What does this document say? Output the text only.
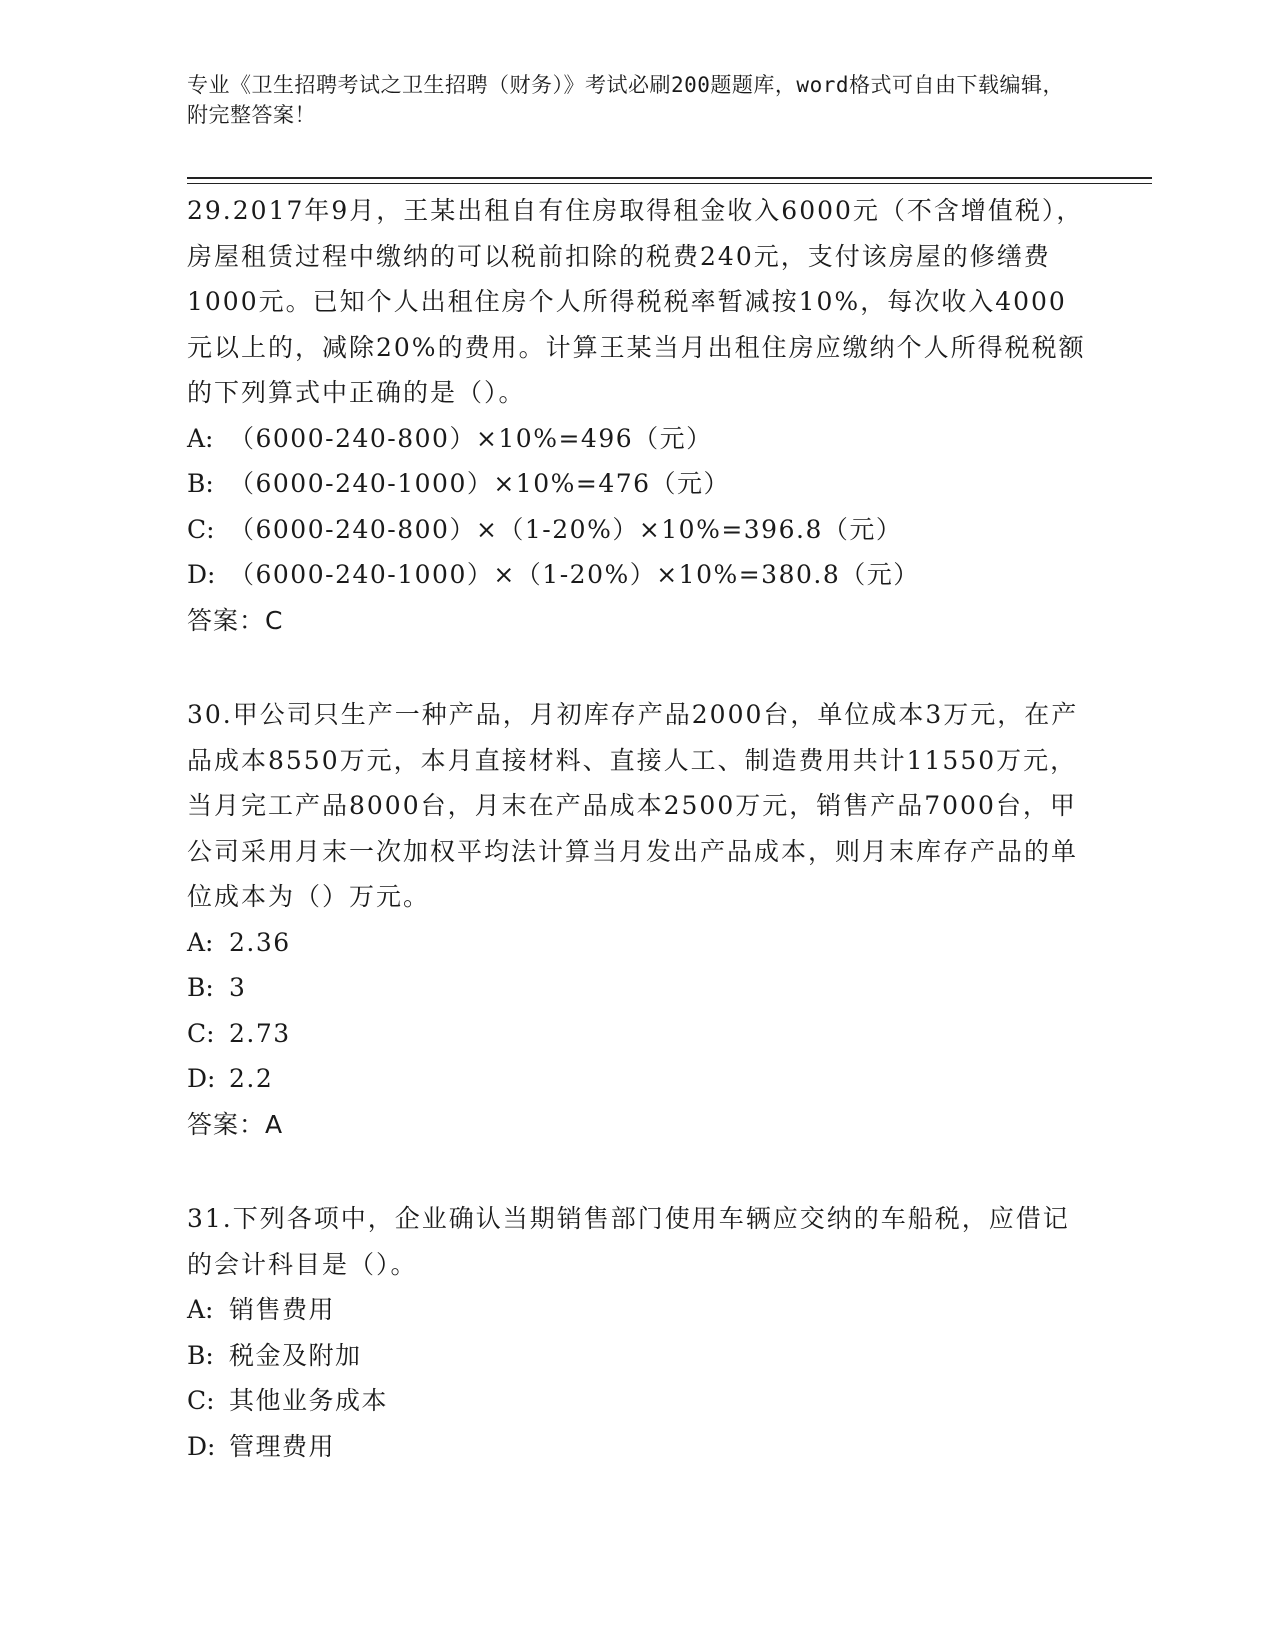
专业《卫生招聘考试之卫生招聘（财务）》考试必刷200题题库，word格式可自由下载编辑，附完整答案！

29.2017年9月，王某出租自有住房取得租金收入6000元（不含增值税），房屋租赁过程中缴纳的可以税前扣除的税费240元，支付该房屋的修缮费1000元。已知个人出租住房个人所得税税率暂减按10%，每次收入4000元以上的，减除20%的费用。计算王某当月出租住房应缴纳个人所得税税额的下列算式中正确的是（）。

A: （6000-240-800）×10%=496（元）
B: （6000-240-1000）×10%=476（元）
C: （6000-240-800）×（1-20%）×10%=396.8（元）
D: （6000-240-1000）×（1-20%）×10%=380.8（元）

答案：C

30.甲公司只生产一种产品，月初库存产品2000台，单位成本3万元，在产品成本8550万元，本月直接材料、直接人工、制造费用共计11550万元，当月完工产品8000台，月末在产品成本2500万元，销售产品7000台，甲公司采用月末一次加权平均法计算当月发出产品成本，则月末库存产品的单位成本为（）万元。

A: 2.36
B: 3
C: 2.73
D: 2.2

答案：A

31.下列各项中，企业确认当期销售部门使用车辆应交纳的车船税，应借记的会计科目是（）。

A: 销售费用
B: 税金及附加
C: 其他业务成本
D: 管理费用
